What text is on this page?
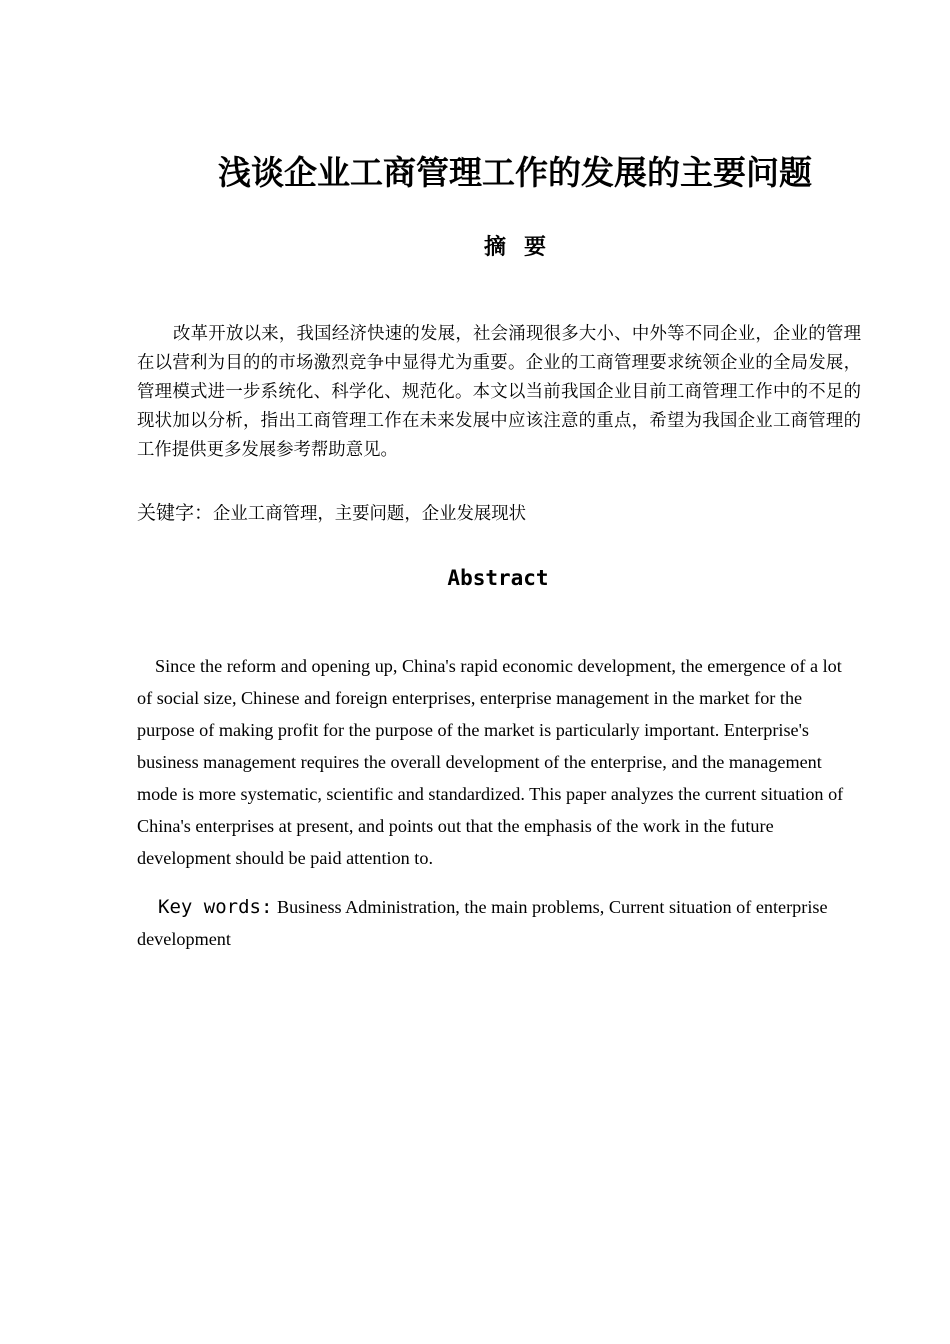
浅谈企业工商管理工作的发展的主要问题
摘要

改革开放以来，我国经济快速的发展，社会涌现很多大小、中外等不同企业，企业的管理在以营利为目的的市场激烈竞争中显得尤为重要。企业的工商管理要求统领企业的全局发展，管理模式进一步系统化、科学化、规范化。本文以当前我国企业目前工商管理工作中的不足的现状加以分析，指出工商管理工作在未来发展中应该注意的重点，希望为我国企业工商管理的工作提供更多发展参考帮助意见。

关键字：企业工商管理，主要问题，企业发展现状
Abstract

Since the reform and opening up, China's rapid economic development, the emergence of a lot of social size, Chinese and foreign enterprises, enterprise management in the market for the purpose of making profit for the purpose of the market is particularly important. Enterprise's business management requires the overall development of the enterprise, and the management mode is more systematic, scientific and standardized. This paper analyzes the current situation of China's enterprises at present, and points out that the emphasis of the work in the future development should be paid attention to.

Key words: Business Administration, the main problems, Current situation of enterprise development
